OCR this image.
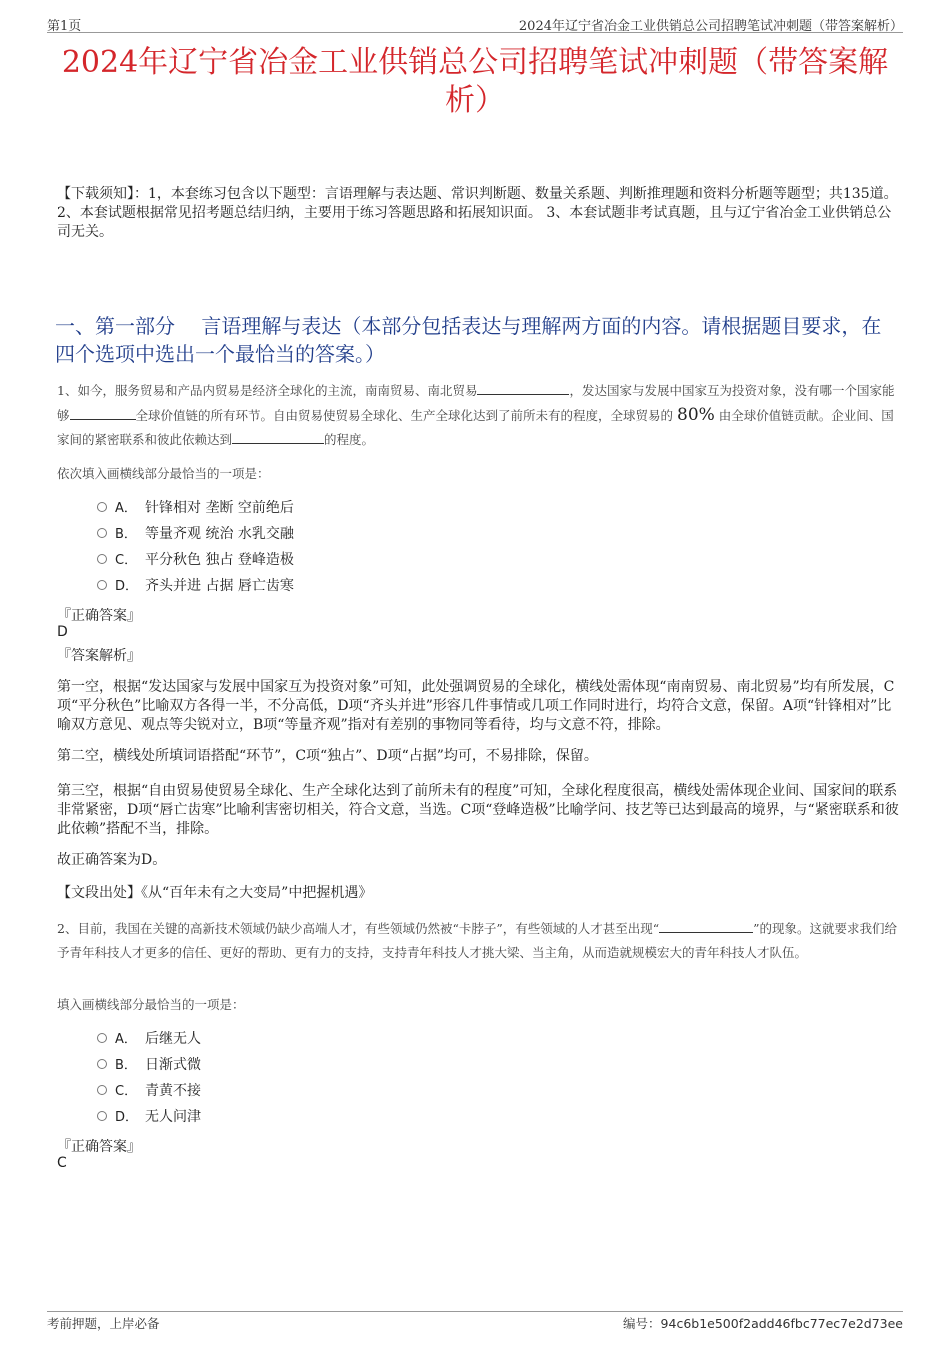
第1页	2024年辽宁省冶金工业供销总公司招聘笔试冲刺题（带答案解析）
2024年辽宁省冶金工业供销总公司招聘笔试冲刺题（带答案解析）
【下载须知】：1，本套练习包含以下题型：言语理解与表达题、常识判断题、数量关系题、判断推理题和资料分析题等题型；共135道。 2、本套试题根据常见招考题总结归纳，主要用于练习答题思路和拓展知识面。 3、本套试题非考试真题，且与辽宁省冶金工业供销总公司无关。
一、第一部分　 言语理解与表达（本部分包括表达与理解两方面的内容。请根据题目要求，在四个选项中选出一个最恰当的答案。）
1、如今，服务贸易和产品内贸易是经济全球化的主流，南南贸易、南北贸易	，发达国家与发展中国家互为投资对象，没有哪一个国家能够	全球价值链的所有环节。自由贸易使贸易全球化、生产全球化达到了前所未有的程度，全球贸易的 80% 由全球价值链贡献。企业间、国家间的紧密联系和彼此依赖达到	的程度。
依次填入画横线部分最恰当的一项是：
A． 针锋相对 垄断 空前绝后
B． 等量齐观 统治 水乳交融
C． 平分秋色 独占 登峰造极
D． 齐头并进 占据 唇亡齿寒
『正确答案』
D
『答案解析』
第一空，根据“发达国家与发展中国家互为投资对象”可知，此处强调贸易的全球化，横线处需体现“南南贸易、南北贸易”均有所发展，C项“平分秋色”比喻双方各得一半，不分高低，D项“齐头并进”形容几件事情或几项工作同时进行，均符合文意，保留。A项“针锋相对”比喻双方意见、观点等尖锐对立，B项“等量齐观”指对有差别的事物同等看待，均与文意不符，排除。
第二空，横线处所填词语搭配“环节”，C项“独占”、D项“占据”均可，不易排除，保留。
第三空，根据“自由贸易使贸易全球化、生产全球化达到了前所未有的程度”可知，全球化程度很高，横线处需体现企业间、国家间的联系非常紧密，D项“唇亡齿寒”比喻利害密切相关，符合文意，当选。C项“登峰造极”比喻学问、技艺等已达到最高的境界，与“紧密联系和彼此依赖”搭配不当，排除。
故正确答案为D。
【文段出处】《从“百年未有之大变局”中把握机遇》
2、目前，我国在关键的高新技术领域仍缺少高端人才，有些领域仍然被“卡脖子”，有些领域的人才甚至出现“	”的现象。这就要求我们给予青年科技人才更多的信任、更好的帮助、更有力的支持，支持青年科技人才挑大梁、当主角，从而造就规模宏大的青年科技人才队伍。
填入画横线部分最恰当的一项是：
A． 后继无人
B． 日渐式微
C． 青黄不接
D． 无人问津
『正确答案』
C
考前押题，上岸必备	编号：94c6b1e500f2add46fbc77ec7e2d73ee
